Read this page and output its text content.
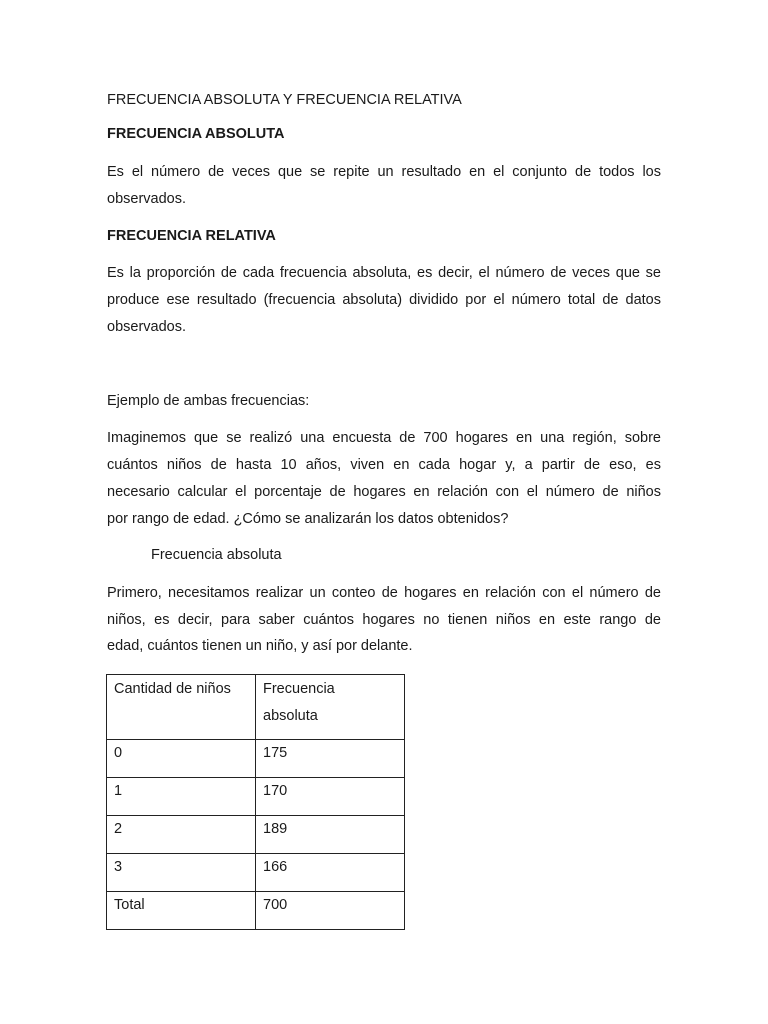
FRECUENCIA ABSOLUTA Y FRECUENCIA RELATIVA
FRECUENCIA ABSOLUTA
Es el número de veces que se repite un resultado en el conjunto de todos los
observados.
FRECUENCIA RELATIVA
Es la proporción de cada frecuencia absoluta, es decir, el número de veces que se
produce ese resultado (frecuencia absoluta) dividido por el número total de datos
observados.
Ejemplo de ambas frecuencias:
Imaginemos que se realizó una encuesta de 700 hogares en una región, sobre
cuántos niños de hasta 10 años, viven en cada hogar y, a partir de eso, es
necesario calcular el porcentaje de hogares en relación con el número de niños
por rango de edad. ¿Cómo se analizarán los datos obtenidos?
Frecuencia absoluta
Primero, necesitamos realizar un conteo de hogares en relación con el número de
niños, es decir, para saber cuántos hogares no tienen niños en este rango de
edad, cuántos tienen un niño, y así por delante.
Cantidad de niños	Frecuencia
absoluta

0	175
1	170
2	189
3	166
Total	700
